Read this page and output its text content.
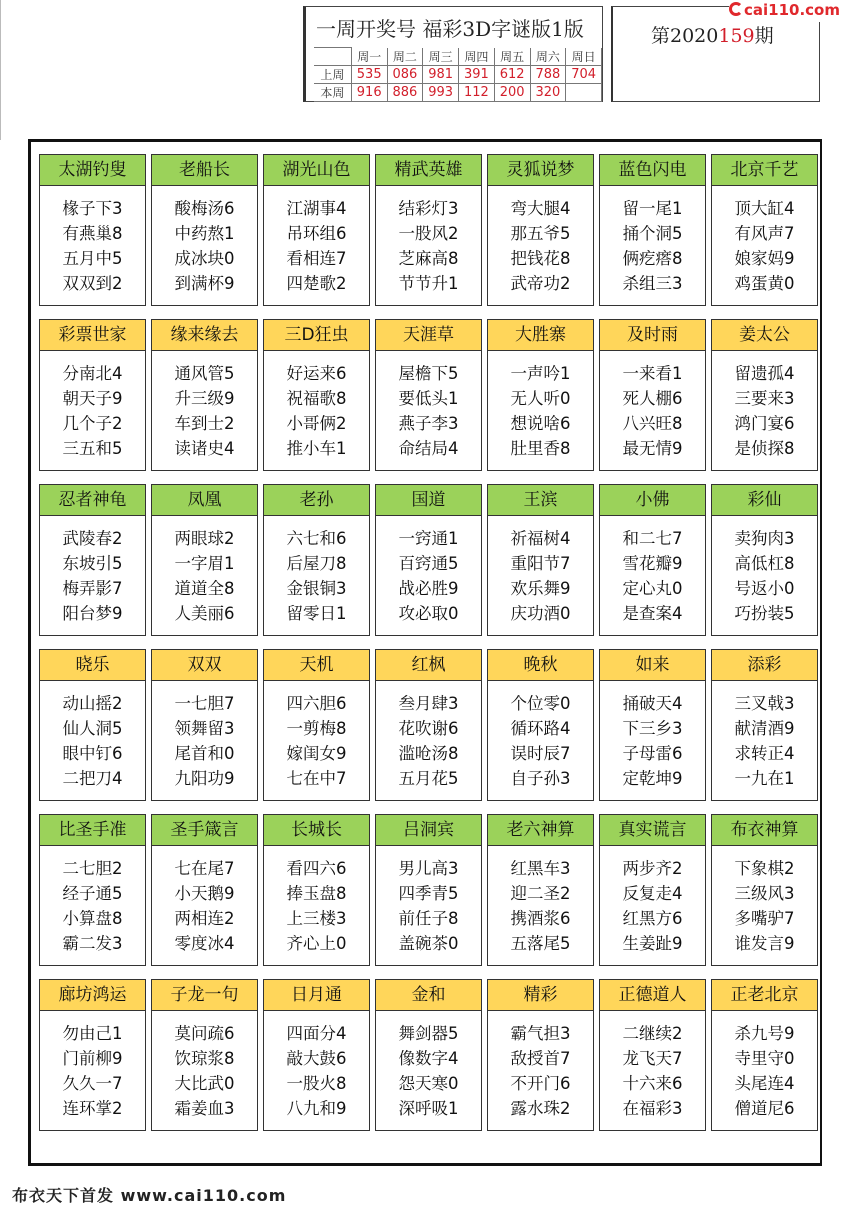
一周开奖号 福彩3D字谜版1版
	周一	周二	周三	周四	周五	周六	周日
上周	535	086	981	391	612	788	704
本周	916	886	993	112	200	320	
第2020159期
cai110.com
太湖钓叟
椽子下3
有燕巢8
五月中5
双双到2
老船长
酸梅汤6
中药熬1
成冰块0
到满杯9
湖光山色
江湖事4
吊环组6
看相连7
四楚歌2
精武英雄
结彩灯3
一股风2
芝麻高8
节节升1
灵狐说梦
弯大腿4
那五爷5
把钱花8
武帝功2
蓝色闪电
留一尾1
捅个洞5
俩疙瘩8
杀组三3
北京千艺
顶大缸4
有风声7
娘家妈9
鸡蛋黄0
彩票世家
分南北4
朝天子9
几个子2
三五和5
缘来缘去
通风管5
升三级9
车到士2
读诸史4
三D狂虫
好运来6
祝福歌8
小哥俩2
推小车1
天涯草
屋檐下5
要低头1
燕子李3
命结局4
大胜寨
一声吟1
无人听0
想说啥6
肚里香8
及时雨
一来看1
死人棚6
八兴旺8
最无情9
姜太公
留遗孤4
三要来3
鸿门宴6
是侦探8
忍者神龟
武陵春2
东坡引5
梅弄影7
阳台梦9
凤凰
两眼球2
一字眉1
道道全8
人美丽6
老孙
六七和6
后屋刀8
金银铜3
留零日1
国道
一窍通1
百窍通5
战必胜9
攻必取0
王滨
祈福树4
重阳节7
欢乐舞9
庆功酒0
小佛
和二七7
雪花瓣9
定心丸0
是查案4
彩仙
卖狗肉3
高低杠8
号返小0
巧扮装5
晓乐
动山摇2
仙人洞5
眼中钉6
二把刀4
双双
一七胆7
领舞留3
尾首和0
九阳功9
天机
四六胆6
一剪梅8
嫁闺女9
七在中7
红枫
叁月肆3
花吹谢6
滥呛汤8
五月花5
晚秋
个位零0
循环路4
误时辰7
自子孙3
如来
捅破天4
下三乡3
子母雷6
定乾坤9
添彩
三叉戟3
献清酒9
求转正4
一九在1
比圣手准
二七胆2
经子通5
小算盘8
霸二发3
圣手箴言
七在尾7
小天鹅9
两相连2
零度冰4
长城长
看四六6
捧玉盘8
上三楼3
齐心上0
吕洞宾
男儿高3
四季青5
前任子8
盖碗茶0
老六神算
红黑车3
迎二圣2
携酒浆6
五落尾5
真实谎言
两步齐2
反复走4
红黑方6
生姜趾9
布衣神算
下象棋2
三级风3
多嘴驴7
谁发言9
廊坊鸿运
勿由己1
门前柳9
久久一7
连环掌2
子龙一句
莫问疏6
饮琼浆8
大比武0
霜姜血3
日月通
四面分4
敲大鼓6
一股火8
八九和9
金和
舞剑器5
像数字4
怨天寒0
深呼吸1
精彩
霸气担3
敌授首7
不开门6
露水珠2
正德道人
二继续2
龙飞天7
十六来6
在福彩3
正老北京
杀九号9
寺里守0
头尾连4
僧道尼6
布衣天下首发 www.cai110.com
